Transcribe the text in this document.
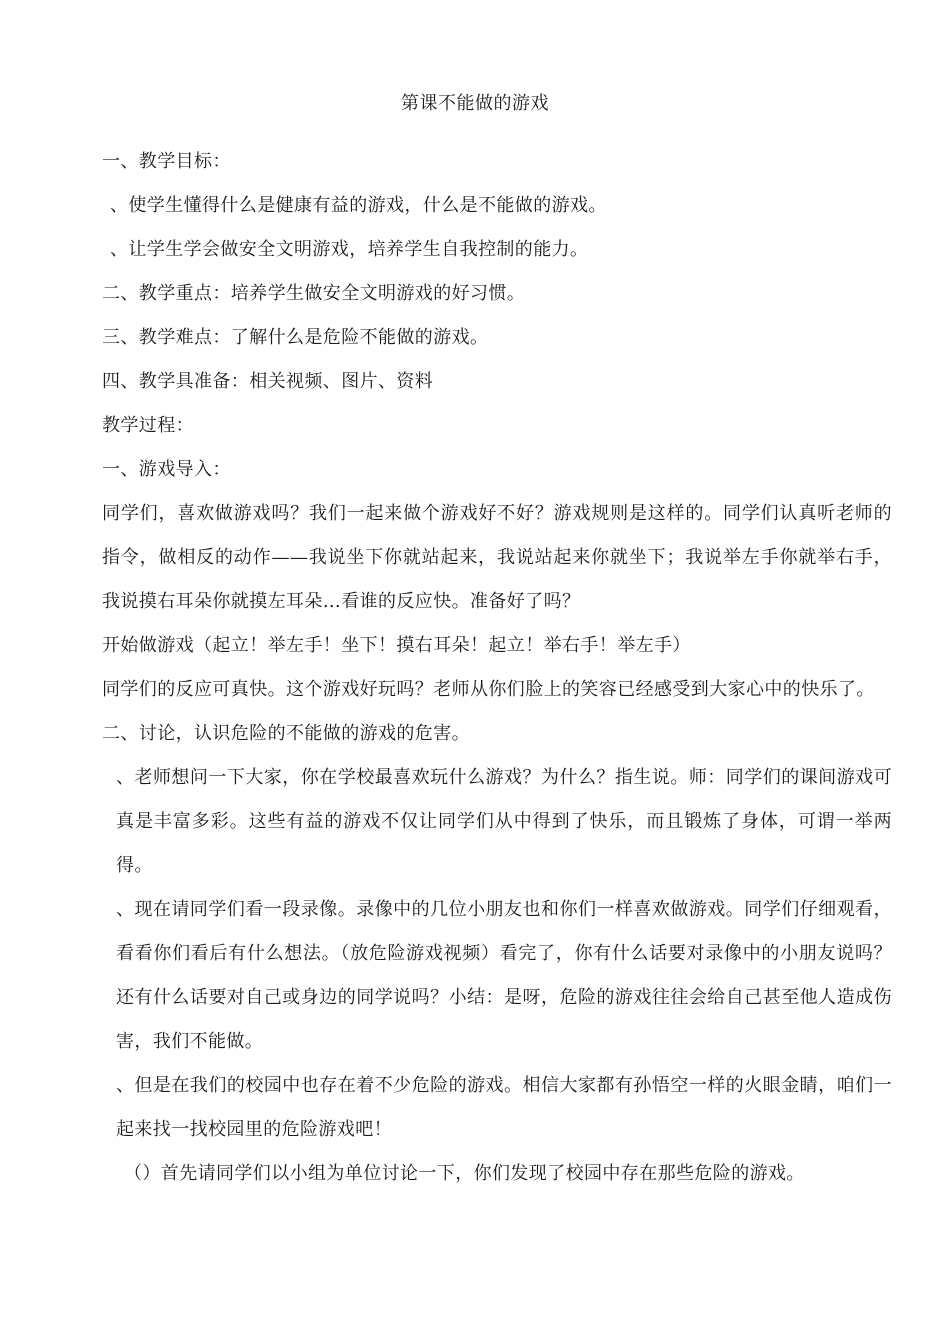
第课不能做的游戏
一、教学目标：
、使学生懂得什么是健康有益的游戏，什么是不能做的游戏。
、让学生学会做安全文明游戏，培养学生自我控制的能力。
二、教学重点：培养学生做安全文明游戏的好习惯。
三、教学难点：了解什么是危险不能做的游戏。
四、教学具准备：相关视频、图片、资料
教学过程：
一、游戏导入：
同学们，喜欢做游戏吗？我们一起来做个游戏好不好？游戏规则是这样的。同学们认真听老师的指令，做相反的动作——我说坐下你就站起来，我说站起来你就坐下；我说举左手你就举右手，我说摸右耳朵你就摸左耳朵…看谁的反应快。准备好了吗？
开始做游戏（起立！举左手！坐下！摸右耳朵！起立！举右手！举左手）
同学们的反应可真快。这个游戏好玩吗？老师从你们脸上的笑容已经感受到大家心中的快乐了。
二、讨论，认识危险的不能做的游戏的危害。
、老师想问一下大家，你在学校最喜欢玩什么游戏？为什么？指生说。师：同学们的课间游戏可真是丰富多彩。这些有益的游戏不仅让同学们从中得到了快乐，而且锻炼了身体，可谓一举两得。
、现在请同学们看一段录像。录像中的几位小朋友也和你们一样喜欢做游戏。同学们仔细观看，看看你们看后有什么想法。（放危险游戏视频）看完了，你有什么话要对录像中的小朋友说吗？还有什么话要对自己或身边的同学说吗？小结：是呀，危险的游戏往往会给自己甚至他人造成伤害，我们不能做。
、但是在我们的校园中也存在着不少危险的游戏。相信大家都有孙悟空一样的火眼金睛，咱们一起来找一找校园里的危险游戏吧！
（）首先请同学们以小组为单位讨论一下，你们发现了校园中存在那些危险的游戏。
